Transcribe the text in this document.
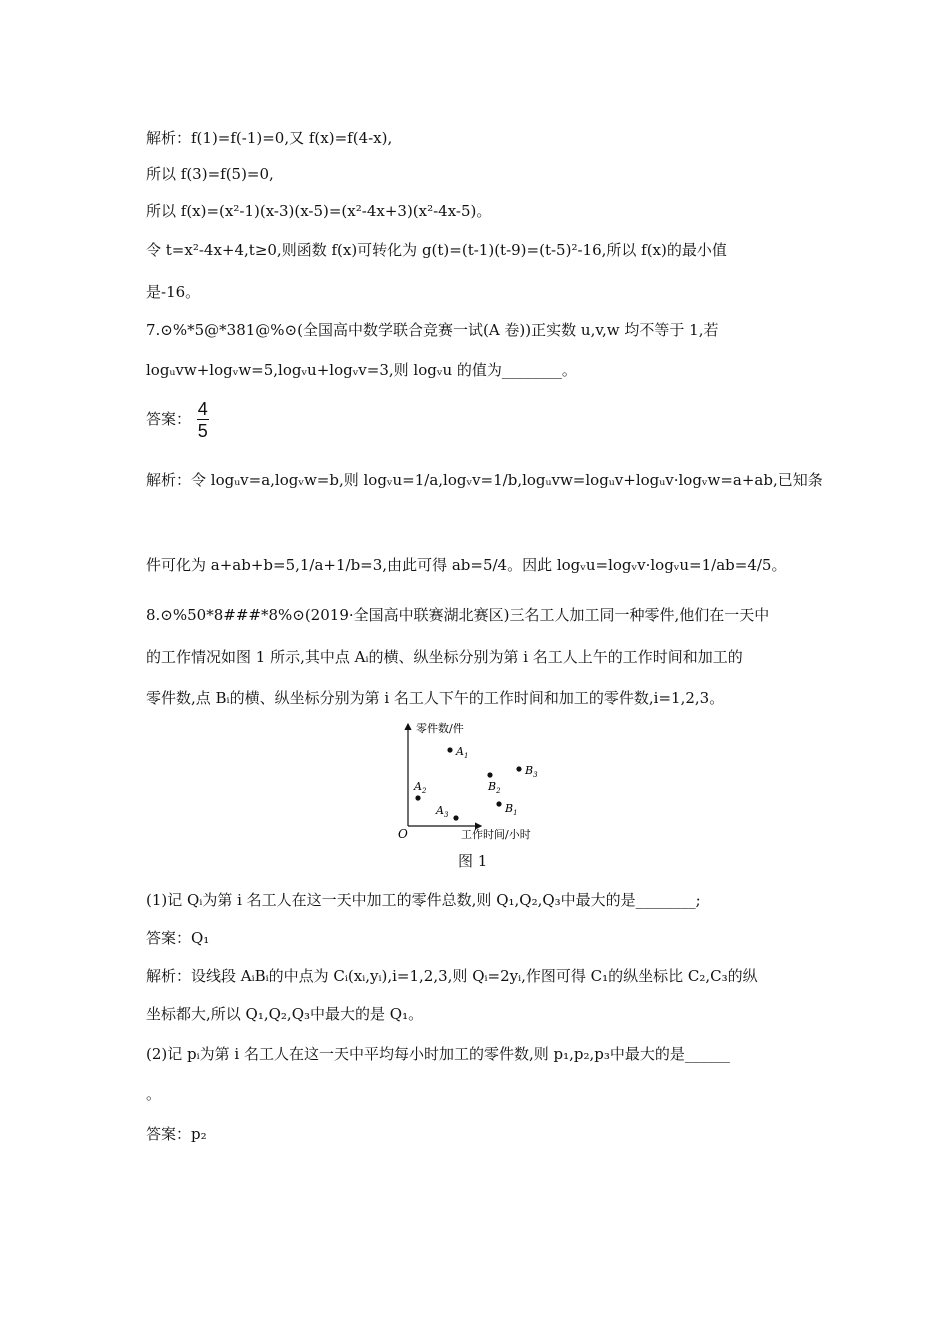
解析：f(1)=f(-1)=0,又 f(x)=f(4-x),
所以 f(3)=f(5)=0,
所以 f(x)=(x²-1)(x-3)(x-5)=(x²-4x+3)(x²-4x-5)。
令 t=x²-4x+4,t≥0,则函数 f(x)可转化为 g(t)=(t-1)(t-9)=(t-5)²-16,所以 f(x)的最小值
是-16。
7.⊙%*5@*381@%⊙(全国高中数学联合竞赛一试(A 卷))正实数 u,v,w 均不等于 1,若
logᵤvw+logᵥw=5,logᵥu+logᵥv=3,则 logᵥu 的值为________。
答案： $\frac{4}{5}$
解析：令 logᵤv=a,logᵥw=b,则 logᵥu=1/a,logᵥv=1/b,logᵤvw=logᵤv+logᵤv·logᵥw=a+ab,已知条
件可化为 a+ab+b=5,1/a+1/b=3,由此可得 ab=5/4。因此 logᵥu=logᵥv·logᵥu=1/ab=4/5。
8.⊙%50*8###*8%⊙(2019·全国高中联赛湖北赛区)三名工人加工同一种零件,他们在一天中
的工作情况如图 1 所示,其中点 Aᵢ的横、纵坐标分别为第 i 名工人上午的工作时间和加工的
零件数,点 Bᵢ的横、纵坐标分别为第 i 名工人下午的工作时间和加工的零件数,i=1,2,3。
零件数/件
工作时间/小时
O
$A_1$
$B_3$
$B_2$
$A_2$
$B_1$
$A_3$
图 1
(1)记 Qᵢ为第 i 名工人在这一天中加工的零件总数,则 Q₁,Q₂,Q₃中最大的是________;
答案：Q₁
解析：设线段 AᵢBᵢ的中点为 Cᵢ(xᵢ,yᵢ),i=1,2,3,则 Qᵢ=2yᵢ,作图可得 C₁的纵坐标比 C₂,C₃的纵
坐标都大,所以 Q₁,Q₂,Q₃中最大的是 Q₁。
(2)记 pᵢ为第 i 名工人在这一天中平均每小时加工的零件数,则 p₁,p₂,p₃中最大的是______
。
答案：p₂
